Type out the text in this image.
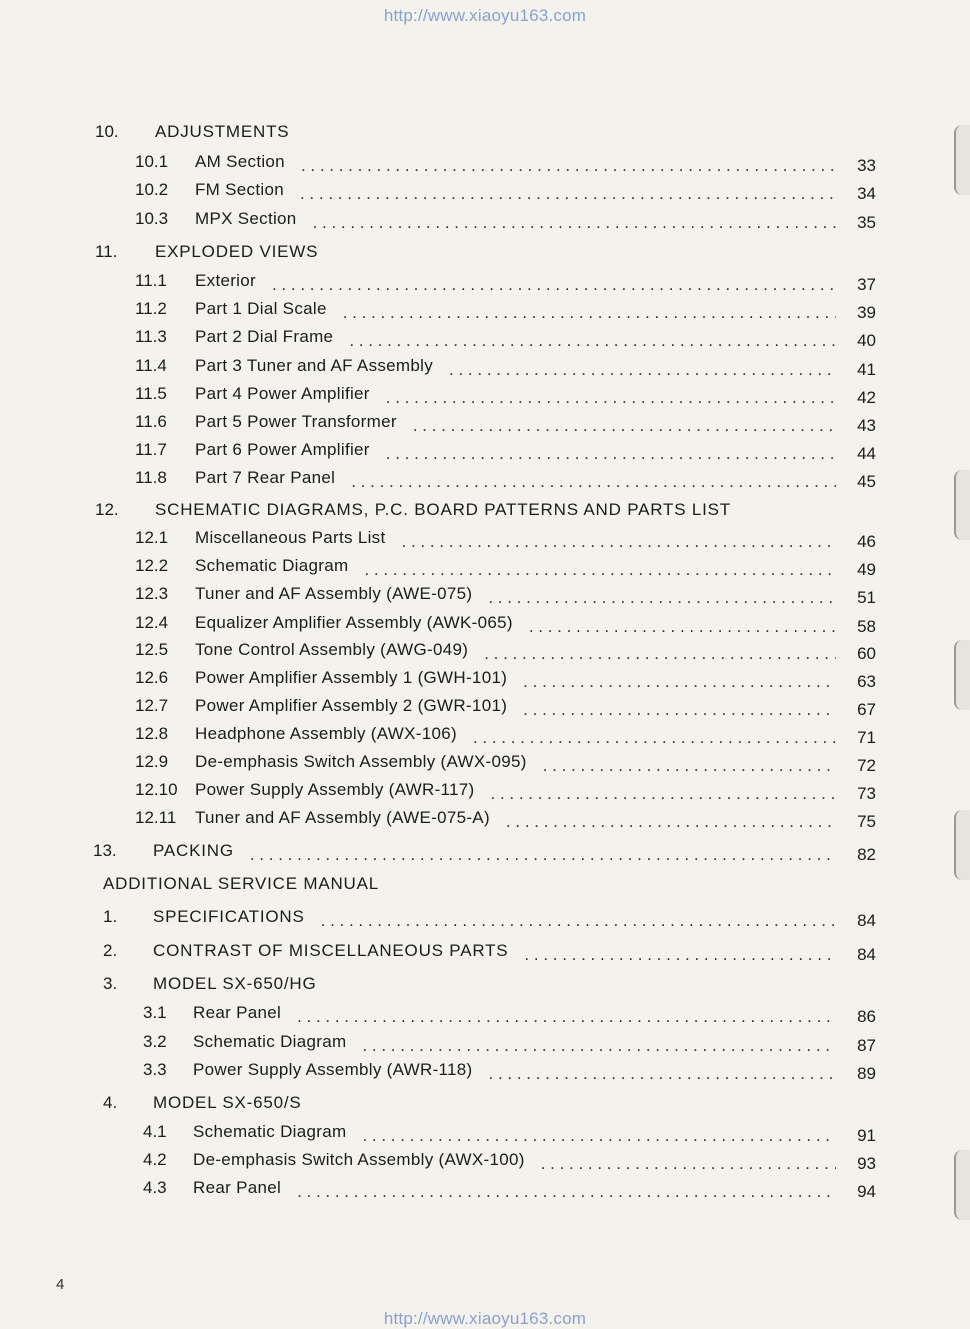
http://www.xiaoyu163.com
10. ADJUSTMENTS
10.1 AM Section . . .	33
10.2 FM Section . . .	34
10.3 MPX Section . . .	35
11. EXPLODED VIEWS
11.1 Exterior . . .	37
11.2 Part 1 Dial Scale . . .	39
11.3 Part 2 Dial Frame . . .	40
11.4 Part 3 Tuner and AF Assembly . . .	41
11.5 Part 4 Power Amplifier . . .	42
11.6 Part 5 Power Transformer . . .	43
11.7 Part 6 Power Amplifier . . .	44
11.8 Part 7 Rear Panel . . .	45
12. SCHEMATIC DIAGRAMS, P.C. BOARD PATTERNS AND PARTS LIST
12.1 Miscellaneous Parts List . . .	46
12.2 Schematic Diagram . . .	49
12.3 Tuner and AF Assembly (AWE-075) . . .	51
12.4 Equalizer Amplifier Assembly (AWK-065) . . .	58
12.5 Tone Control Assembly (AWG-049) . . .	60
12.6 Power Amplifier Assembly 1 (GWH-101) . . .	63
12.7 Power Amplifier Assembly 2 (GWR-101) . . .	67
12.8 Headphone Assembly (AWX-106) . . .	71
12.9 De-emphasis Switch Assembly (AWX-095) . . .	72
12.10 Power Supply Assembly (AWR-117) . . .	73
12.11 Tuner and AF Assembly (AWE-075-A) . . .	75
13. PACKING . . .	82
ADDITIONAL SERVICE MANUAL
1. SPECIFICATIONS . . .	84
2. CONTRAST OF MISCELLANEOUS PARTS . . .	84
3. MODEL SX-650/HG
3.1 Rear Panel . . .	86
3.2 Schematic Diagram . . .	87
3.3 Power Supply Assembly (AWR-118) . . .	89
4. MODEL SX-650/S
4.1 Schematic Diagram . . .	91
4.2 De-emphasis Switch Assembly (AWX-100) . . .	93
4.3 Rear Panel . . .	94
4
http://www.xiaoyu163.com
